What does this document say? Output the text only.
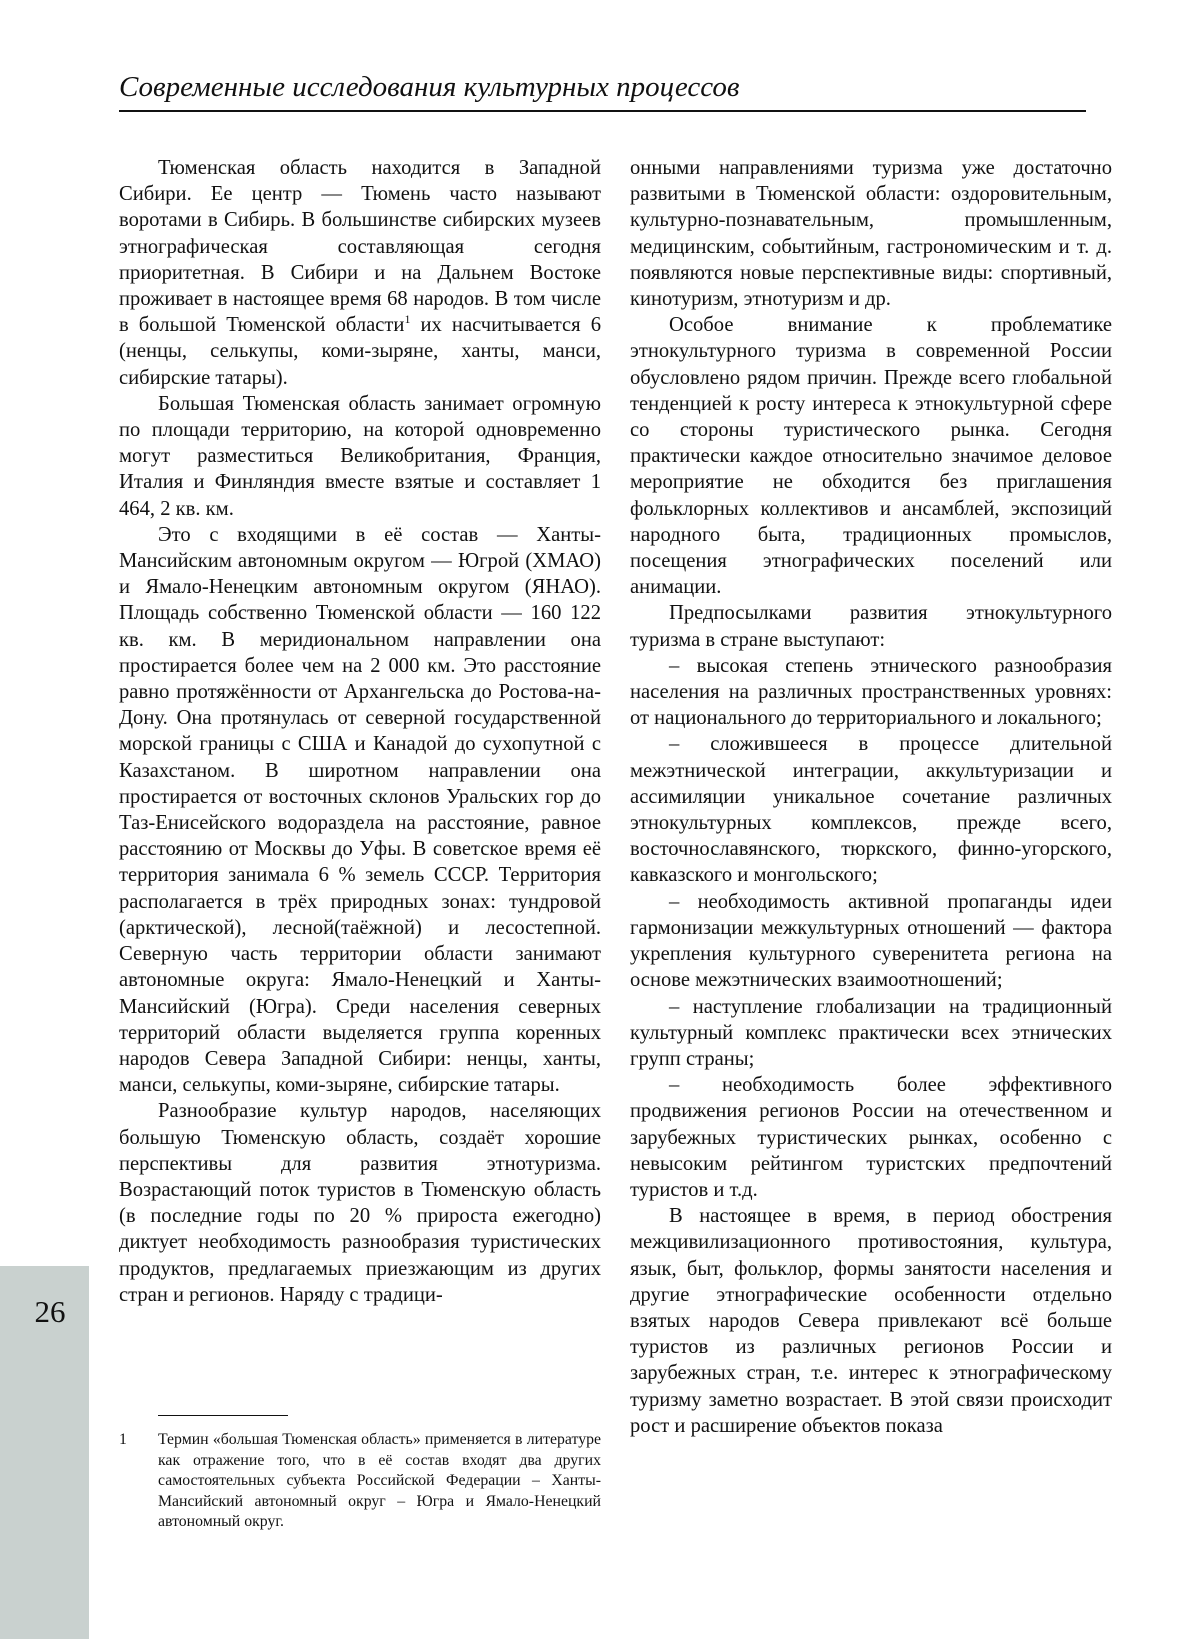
Современные исследования культурных процессов

Тюменская область находится в Западной Сибири. Ее центр — Тюмень часто называют воротами в Сибирь. В большинстве сибирских музеев этнографическая составляющая сегодня приоритетная. В Сибири и на Дальнем Востоке проживает в настоящее время 68 народов. В том числе в большой Тюменской области$^1$ их насчитывается 6 (ненцы, селькупы, коми-зыряне, ханты, манси, сибирские татары).

Большая Тюменская область занимает огромную по площади территорию, на которой одновременно могут разместиться Великобритания, Франция, Италия и Финляндия вместе взятые и составляет 1 464, 2 кв. км.

Это с входящими в её состав — Ханты-Мансийским автономным округом — Югрой (ХМАО) и Ямало-Ненецким автономным округом (ЯНАО). Площадь собственно Тюменской области — 160 122 кв. км. В меридиональном направлении она простирается более чем на 2 000 км. Это расстояние равно протяжённости от Архангельска до Ростова-на-Дону. Она протянулась от северной государственной морской границы с США и Канадой до сухопутной с Казахстаном. В широтном направлении она простирается от восточных склонов Уральских гор до Таз-Енисейского водораздела на расстояние, равное расстоянию от Москвы до Уфы. В советское время её территория занимала 6 % земель СССР. Территория располагается в трёх природных зонах: тундровой (арктической), лесной(таёжной) и лесостепной. Северную часть территории области занимают автономные округа: Ямало-Ненецкий и Ханты-Мансийский (Югра). Среди населения северных территорий области выделяется группа коренных народов Севера Западной Сибири: ненцы, ханты, манси, селькупы, коми-зыряне, сибирские татары.

Разнообразие культур народов, населяющих большую Тюменскую область, создаёт хорошие перспективы для развития этнотуризма. Возрастающий поток туристов в Тюменскую область (в последние годы по 20 % прироста ежегодно) диктует необходимость разнообразия туристических продуктов, предлагаемых приезжающим из других стран и регионов. Наряду с традици-

1 Термин «большая Тюменская область» применяется в литературе как отражение того, что в её состав входят два других самостоятельных субъекта Российской Федерации – Ханты-Мансийский автономный округ – Югра и Ямало-Ненецкий автономный округ.

онными направлениями туризма уже достаточно развитыми в Тюменской области: оздоровительным, культурно-познавательным, промышленным, медицинским, событийным, гастрономическим и т. д. появляются новые перспективные виды: спортивный, кинотуризм, этнотуризм и др.

Особое внимание к проблематике этнокультурного туризма в современной России обусловлено рядом причин. Прежде всего глобальной тенденцией к росту интереса к этнокультурной сфере со стороны туристического рынка. Сегодня практически каждое относительно значимое деловое мероприятие не обходится без приглашения фольклорных коллективов и ансамблей, экспозиций народного быта, традиционных промыслов, посещения этнографических поселений или анимации.

Предпосылками развития этнокультурного туризма в стране выступают:

– высокая степень этнического разнообразия населения на различных пространственных уровнях: от национального до территориального и локального;

– сложившееся в процессе длительной межэтнической интеграции, аккультуризации и ассимиляции уникальное сочетание различных этнокультурных комплексов, прежде всего, восточнославянского, тюркского, финно-угорского, кавказского и монгольского;

– необходимость активной пропаганды идеи гармонизации межкультурных отношений — фактора укрепления культурного суверенитета региона на основе межэтнических взаимоотношений;

– наступление глобализации на традиционный культурный комплекс практически всех этнических групп страны;

– необходимость более эффективного продвижения регионов России на отечественном и зарубежных туристических рынках, особенно с невысоким рейтингом туристских предпочтений туристов и т.д.

В настоящее в время, в период обострения межцивилизационного противостояния, культура, язык, быт, фольклор, формы занятости населения и другие этнографические особенности отдельно взятых народов Севера привлекают всё больше туристов из различных регионов России и зарубежных стран, т.е. интерес к этнографическому туризму заметно возрастает. В этой связи происходит рост и расширение объектов показа

26
